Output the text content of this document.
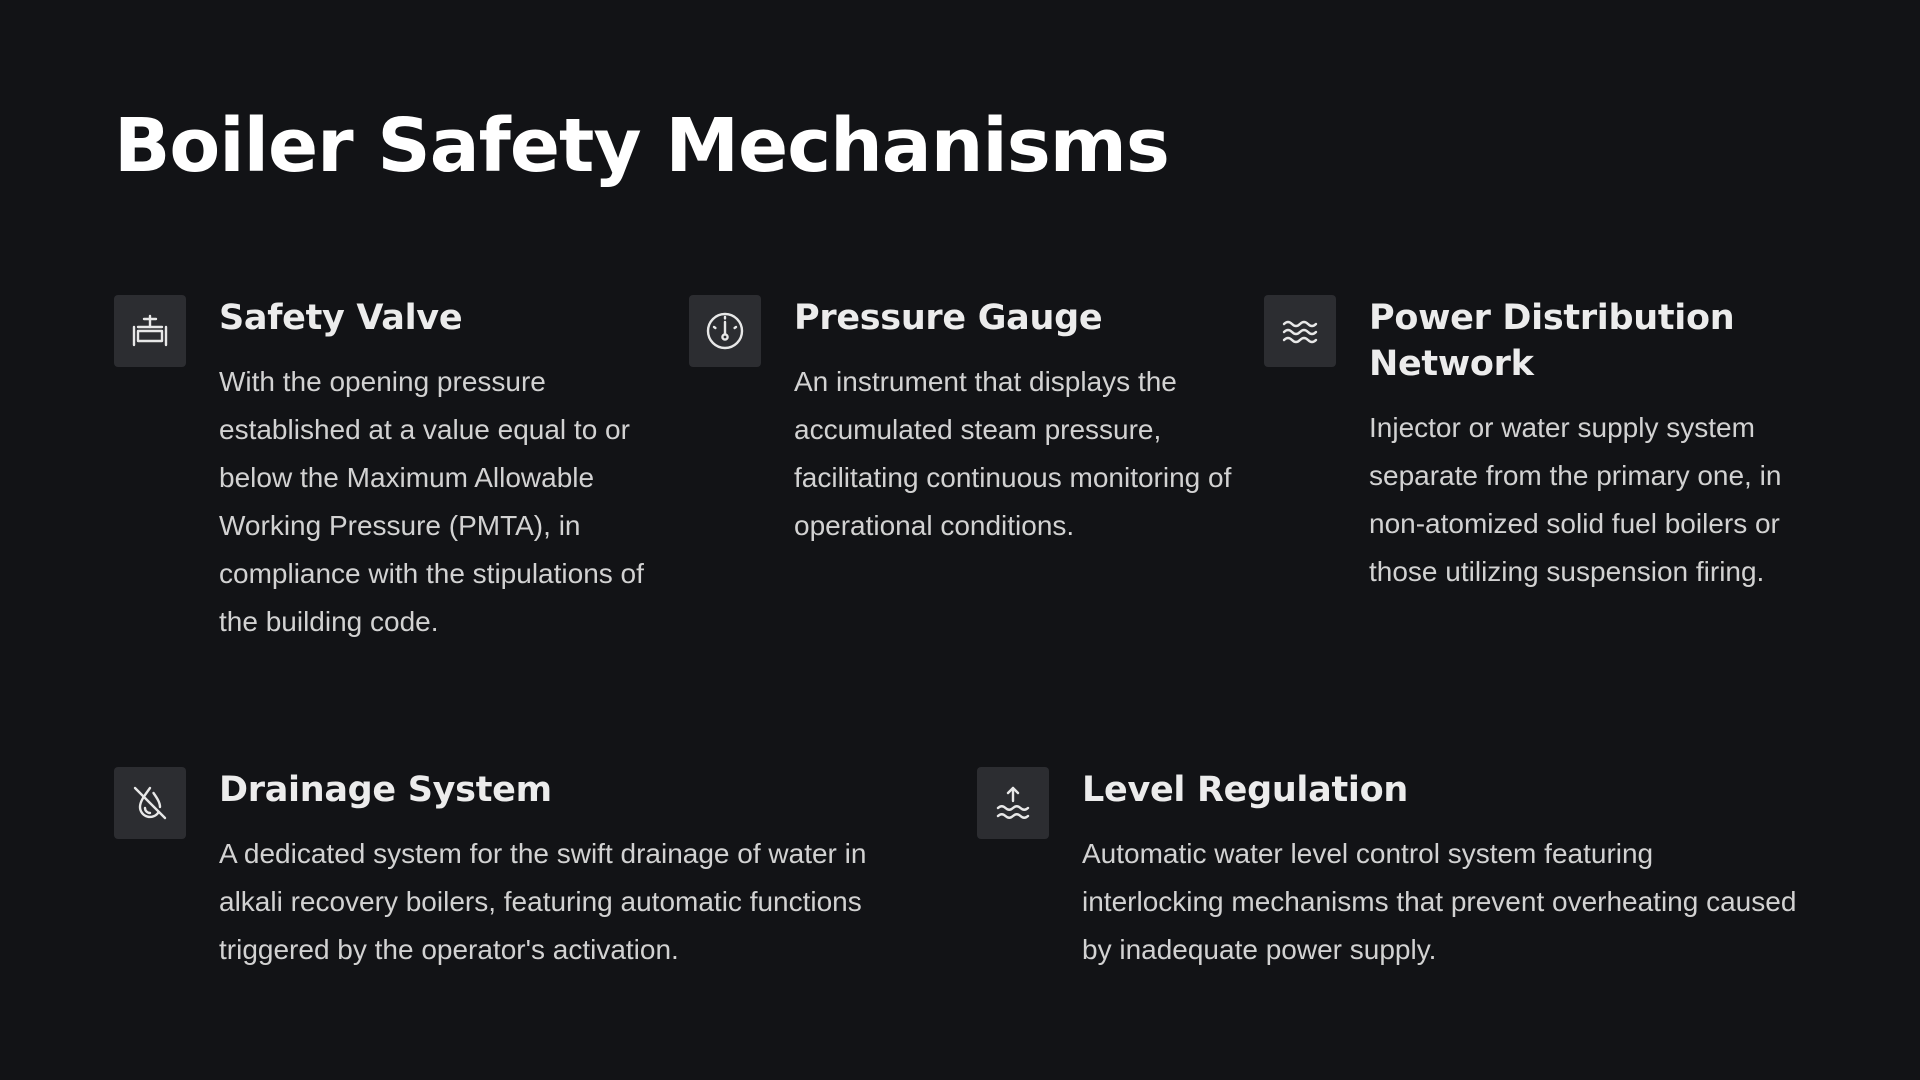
Boiler Safety Mechanisms
Safety Valve

With the opening pressure established at a value equal to or below the Maximum Allowable Working Pressure (PMTA), in compliance with the stipulations of the building code.

Pressure Gauge

An instrument that displays the accumulated steam pressure, facilitating continuous monitoring of operational conditions.

Power Distribution Network

Injector or water supply system separate from the primary one, in non-atomized solid fuel boilers or those utilizing suspension firing.

Drainage System

A dedicated system for the swift drainage of water in alkali recovery boilers, featuring automatic functions triggered by the operator's activation.

Level Regulation

Automatic water level control system featuring interlocking mechanisms that prevent overheating caused by inadequate power supply.
